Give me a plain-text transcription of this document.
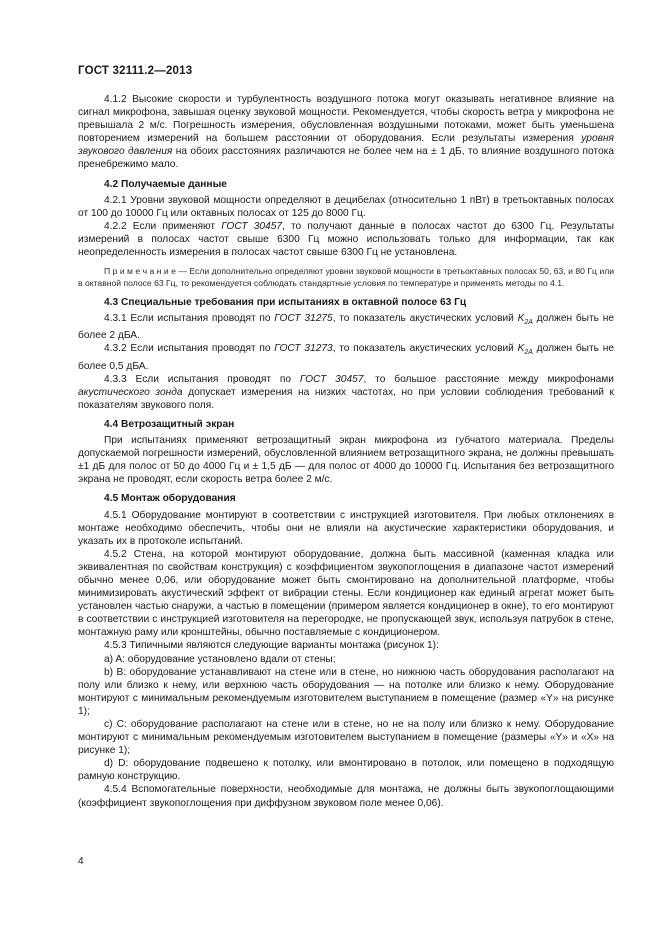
ГОСТ 32111.2—2013

4.1.2 Высокие скорости и турбулентность воздушного потока могут оказывать негативное влияние на сигнал микрофона, завышая оценку звуковой мощности. Рекомендуется, чтобы скорость ветра у микрофона не превышала 2 м/с. Погрешность измерения, обусловленная воздушными потоками, может быть уменьшена повторением измерений на большем расстоянии от оборудования. Если результаты измерения уровня звукового давления на обоих расстояниях различаются не более чем на ± 1 дБ, то влияние воздушного потока пренебрежимо мало.

4.2 Получаемые данные

4.2.1 Уровни звуковой мощности определяют в децибелах (относительно 1 пВт) в третьоктавных полосах от 100 до 10000 Гц или октавных полосах от 125 до 8000 Гц.

4.2.2 Если применяют ГОСТ 30457, то получают данные в полосах частот до 6300 Гц. Результаты измерений в полосах частот свыше 6300 Гц можно использовать только для информации, так как неопределенность измерения в полосах частот свыше 6300 Гц не установлена.

П р и м е ч а н и е — Если дополнительно определяют уровни звуковой мощности в третьоктавных полосах 50, 63, и 80 Гц или в октавной полосе 63 Гц, то рекомендуется соблюдать стандартные условия по температуре и применять методы по 4.1.

4.3 Специальные требования при испытаниях в октавной полосе 63 Гц

4.3.1 Если испытания проводят по ГОСТ 31275, то показатель акустических условий $K_{2A}$ должен быть не более 2 дБА.

4.3.2 Если испытания проводят по ГОСТ 31273, то показатель акустических условий $K_{2A}$ должен быть не более 0,5 дБА.

4.3.3 Если испытания проводят по ГОСТ 30457, то большое расстояние между микрофонами акустического зонда допускает измерения на низких частотах, но при условии соблюдения требований к показателям звукового поля.

4.4 Ветрозащитный экран

При испытаниях применяют ветрозащитный экран микрофона из губчатого материала. Пределы допускаемой погрешности измерений, обусловленной влиянием ветрозащитного экрана, не должны превышать ±1 дБ для полос от 50 до 4000 Гц и ± 1,5 дБ — для полос от 4000 до 10000 Гц. Испытания без ветрозащитного экрана не проводят, если скорость ветра более 2 м/с.

4.5 Монтаж оборудования

4.5.1 Оборудование монтируют в соответствии с инструкцией изготовителя. При любых отклонениях в монтаже необходимо обеспечить, чтобы они не влияли на акустические характеристики оборудования, и указать их в протоколе испытаний.

4.5.2 Стена, на которой монтируют оборудование, должна быть массивной (каменная кладка или эквивалентная по свойствам конструкция) с коэффициентом звукопоглощения в диапазоне частот измерений обычно менее 0,06, или оборудование может быть смонтировано на дополнительной платформе, чтобы минимизировать акустический эффект от вибрации стены. Если кондиционер как единый агрегат может быть установлен частью снаружи, а частью в помещении (примером является кондиционер в окне), то его монтируют в соответствии с инструкцией изготовителя на перегородке, не пропускающей звук, используя патрубок в стене, монтажную раму или кронштейны, обычно поставляемые с кондиционером.

4.5.3 Типичными являются следующие варианты монтажа (рисунок 1):

a) A: оборудование установлено вдали от стены;

b) B: оборудование устанавливают на стене или в стене, но нижнюю часть оборудования располагают на полу или близко к нему, или верхнюю часть оборудования — на потолке или близко к нему. Оборудование монтируют с минимальным рекомендуемым изготовителем выступанием в помещение (размер «Y» на рисунке 1);

c) C: оборудование располагают на стене или в стене, но не на полу или близко к нему. Оборудование монтируют с минимальным рекомендуемым изготовителем выступанием в помещение (размеры «Y» и «X» на рисунке 1);

d) D: оборудование подвешено к потолку, или вмонтировано в потолок, или помещено в подходящую рамную конструкцию.

4.5.4 Вспомогательные поверхности, необходимые для монтажа, не должны быть звукопоглощающими (коэффициент звукопоглощения при диффузном звуковом поле менее 0,06).

4
